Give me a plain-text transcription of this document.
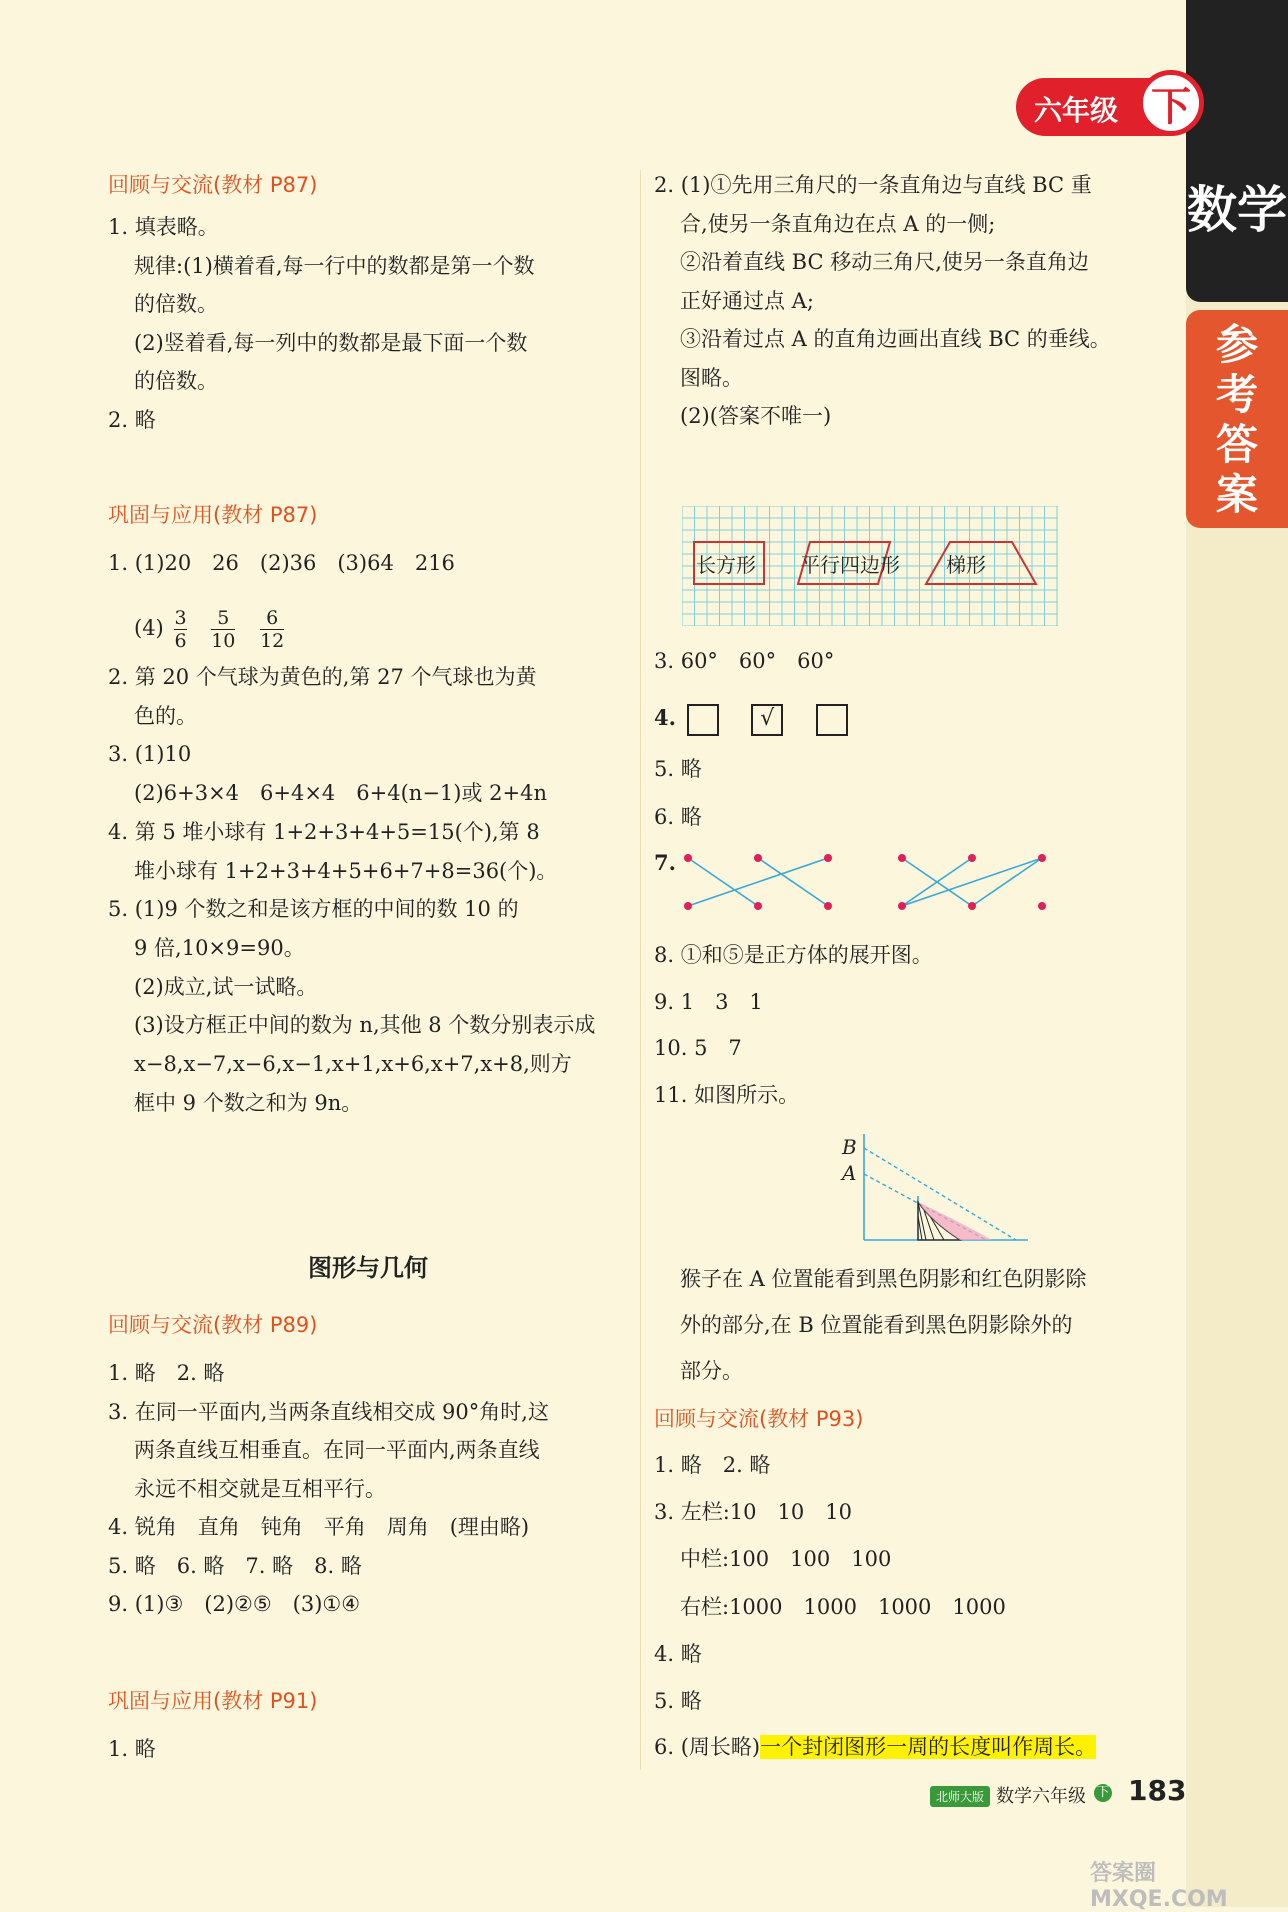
数学
参考答案
六年级 下
回顾与交流(教材 P87)
1. 填表略。
规律:(1)横着看,每一行中的数都是第一个数
的倍数。
(2)竖着看,每一列中的数都是最下面一个数
的倍数。
2. 略
巩固与应用(教材 P87)
1. (1)20　26　(2)36　(3)64　216
$(4) \frac{3}{6}$
$\frac{5}{10}$
$\frac{6}{12}$
2. 第 20 个气球为黄色的,第 27 个气球也为黄
色的。
3. (1)10
(2)6+3×4　6+4×4　6+4(n−1)或 2+4n
4. 第 5 堆小球有 1+2+3+4+5=15(个),第 8
堆小球有 1+2+3+4+5+6+7+8=36(个)。
5. (1)9 个数之和是该方框的中间的数 10 的
9 倍,10×9=90。
(2)成立,试一试略。
(3)设方框正中间的数为 n,其他 8 个数分别表示成
x−8,x−7,x−6,x−1,x+1,x+6,x+7,x+8,则方
框中 9 个数之和为 9n。
图形与几何
回顾与交流(教材 P89)
1. 略　2. 略
3. 在同一平面内,当两条直线相交成 90°角时,这
两条直线互相垂直。在同一平面内,两条直线
永远不相交就是互相平行。
4. 锐角　直角　钝角　平角　周角　(理由略)
5. 略　6. 略　7. 略　8. 略
9. (1)③　(2)②⑤　(3)①④
巩固与应用(教材 P91)
1. 略
2. (1)①先用三角尺的一条直角边与直线 BC 重
合,使另一条直角边在点 A 的一侧;
②沿着直线 BC 移动三角尺,使另一条直角边
正好通过点 A;
③沿着过点 A 的直角边画出直线 BC 的垂线。
图略。
(2)(答案不唯一)
长方形 平行四边形 梯形
3. 60°　60°　60°
4.	√
5. 略
6. 略
7.
8. ①和⑤是正方体的展开图。
9. 1　3　1
10. 5　7
11. 如图所示。
B
A
猴子在 A 位置能看到黑色阴影和红色阴影除
外的部分,在 B 位置能看到黑色阴影除外的
部分。
回顾与交流(教材 P93)
1. 略　2. 略
3. 左栏:10　10　10
中栏:100　100　100
右栏:1000　1000　1000　1000
4. 略
5. 略
6. (周长略)一个封闭图形一周的长度叫作周长。
北师大版 数学六年级 下 183
答案圈 MXQE.COM
